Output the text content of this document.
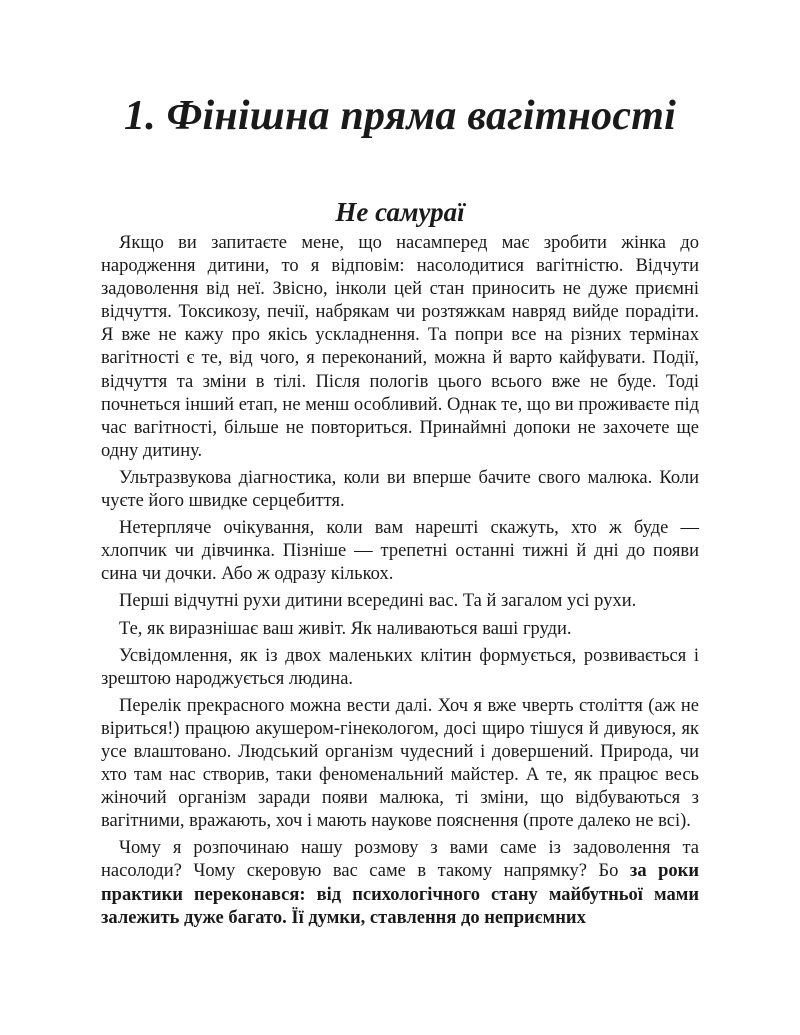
1. Фінішна пряма вагітності
Не самураї

Якщо ви запитаєте мене, що насамперед має зробити жінка до народження дитини, то я відповім: насолодитися вагітністю. Відчути задоволення від неї. Звісно, інколи цей стан приносить не дуже приємні відчуття. Токсикозу, печії, набрякам чи розтяжкам навряд вийде порадіти. Я вже не кажу про якісь ускладнення. Та попри все на різних термінах вагітності є те, від чого, я переконаний, можна й варто кайфувати. Події, відчуття та зміни в тілі. Після пологів цього всього вже не буде. Тоді почнеться інший етап, не менш особливий. Однак те, що ви проживаєте під час вагітності, більше не повториться. Принаймні допоки не захочете ще одну дитину.

Ультразвукова діагностика, коли ви вперше бачите свого малюка. Коли чуєте його швидке серцебиття.

Нетерпляче очікування, коли вам нарешті скажуть, хто ж буде — хлопчик чи дівчинка. Пізніше — трепетні останні тижні й дні до появи сина чи дочки. Або ж одразу кількох.

Перші відчутні рухи дитини всередині вас. Та й загалом усі рухи.

Те, як виразнішає ваш живіт. Як наливаються ваші груди.

Усвідомлення, як із двох маленьких клітин формується, розвивається і зрештою народжується людина.

Перелік прекрасного можна вести далі. Хоч я вже чверть століття (аж не віриться!) працюю акушером-гінекологом, досі щиро тішуся й дивуюся, як усе влаштовано. Людський організм чудесний і довершений. Природа, чи хто там нас створив, таки феноменальний майстер. А те, як працює весь жіночий організм заради появи малюка, ті зміни, що відбуваються з вагітними, вражають, хоч і мають наукове пояснення (проте далеко не всі).

Чому я розпочинаю нашу розмову з вами саме із задоволення та насолоди? Чому скеровую вас саме в такому напрямку? Бо за роки практики переконався: від психологічного стану майбутньої мами залежить дуже багато. Її думки, ставлення до неприємних
